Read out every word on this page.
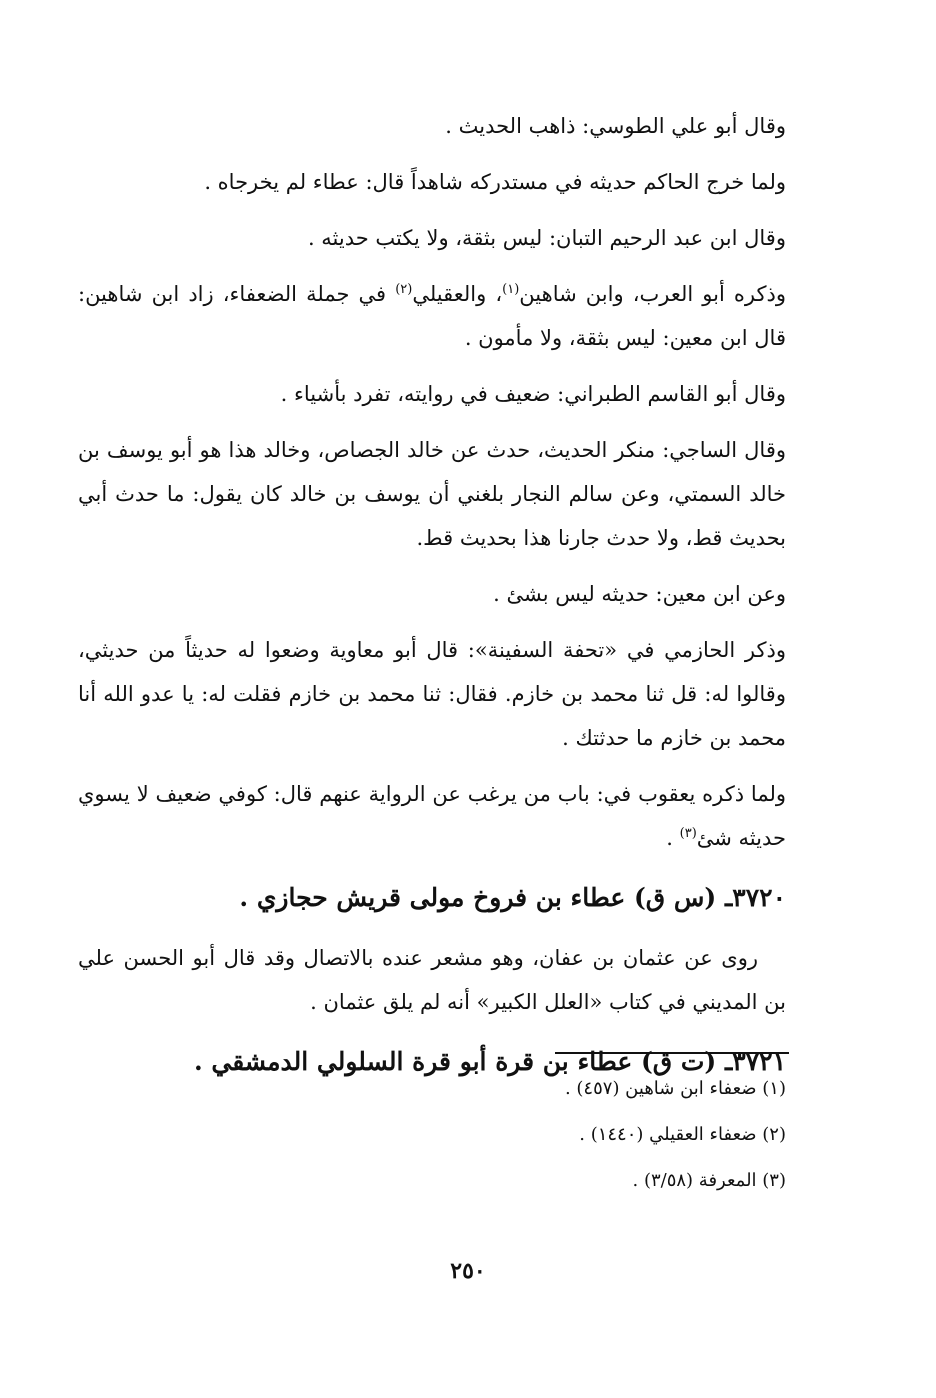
وقال أبو علي الطوسي: ذاهب الحديث .

ولما خرج الحاكم حديثه في مستدركه شاهداً قال: عطاء لم يخرجاه .

وقال ابن عبد الرحيم التبان: ليس بثقة، ولا يكتب حديثه .

وذكره أبو العرب، وابن شاهين$^{(١)}$، والعقيلي$^{(٢)}$ في جملة الضعفاء، زاد ابن شاهين: قال ابن معين: ليس بثقة، ولا مأمون .

وقال أبو القاسم الطبراني: ضعيف في روايته، تفرد بأشياء .

وقال الساجي: منكر الحديث، حدث عن خالد الجصاص، وخالد هذا هو أبو يوسف بن خالد السمتي، وعن سالم النجار بلغني أن يوسف بن خالد كان يقول: ما حدث أبي بحديث قط، ولا حدث جارنا هذا بحديث قط.

وعن ابن معين: حديثه ليس بشئ .

وذكر الحازمي في «تحفة السفينة»: قال أبو معاوية وضعوا له حديثاً من حديثي، وقالوا له: قل ثنا محمد بن خازم. فقال: ثنا محمد بن خازم فقلت له: يا عدو الله أنا محمد بن خازم ما حدثتك .

ولما ذكره يعقوب في: باب من يرغب عن الرواية عنهم قال: كوفي ضعيف لا يسوي حديثه شئ$^{(٣)}$ .

٣٧٢٠ـ (س ق) عطاء بن فروخ مولى قريش حجازي .

روى عن عثمان بن عفان، وهو مشعر عنده بالاتصال وقد قال أبو الحسن علي بن المديني في كتاب «العلل الكبير» أنه لم يلق عثمان .

٣٧٢١ـ (ت ق) عطاء بن قرة أبو قرة السلولي الدمشقي .

(١) ضعفاء ابن شاهين (٤٥٧) .

(٢) ضعفاء العقيلي (١٤٤٠) .

(٣) المعرفة (٣/٥٨) .

٢٥٠
